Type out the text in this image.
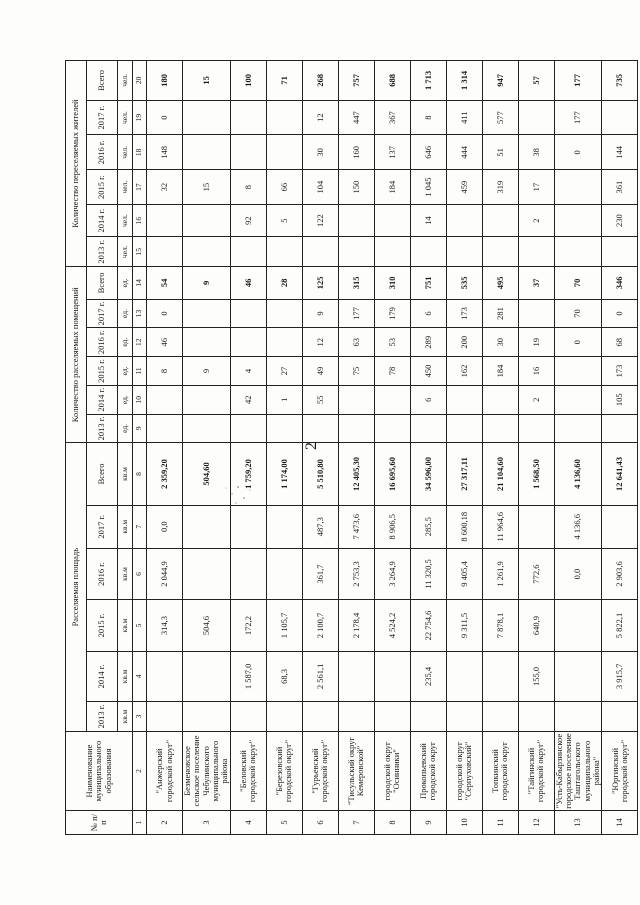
2
№ п/п	Наименование муниципального образования	Расселяемая площадь						Количество расселяемых помещений						Количество переселяемых жителей					
		2013 г.	2014 г.	2015 г.	2016 г.	2017 г.	Всего	2013 г.	2014 г.	2015 г.	2016 г.	2017 г.	Всего	2013 г.	2014 г.	2015 г.	2016 г.	2017 г.	Всего
		кв.м	кв.м	кв.м	кв.м	кв.м	кв.м	ед.	ед.	ед.	ед.	ед.	ед.	чел.	чел.	чел.	чел.	чел.	чел.
1	2	3	4	5	6	7	8	9	10	11	12	13	14	15	16	17	18	19	20
2	"Анжерский городской округ"			314,3	2 044,9	0,0	2 359,20			8	46	0	54			32	148	0	180
3	Безменовское сельское поселение Чебулинского муниципального района			504,6			504,60			9			9			15			15
4	"Беловский городской округ"		1 587,0	172,2			1 759,20		42	4			46		92	8			100
5	"Березовский городской округ"		68,3	1 105,7			1 174,00		1	27			28		5	66			71
6	"Гурьевский городской округ"		2 561,1	2 100,7	361,7	487,3	5 510,80		55	49	12	9	125		122	104	30	12	268
7	"Тисульский округ Кемеровской"			2 178,4	2 753,3	7 473,6	12 405,30			75	63	177	315			150	160	447	757
8	городской округ "Осинники"			4 524,2	3 264,9	8 906,5	16 695,60			78	53	179	310			184	137	367	688
9	Прокопьевский городской округ		235,4	22 754,6	11 320,5	285,5	34 596,00		6	450	289	6	751		14	1 045	646	8	1 713
10	городской округ "Серпуховский"			9 311,5	9 405,4	8 600,18	27 317,11			162	200	173	535			459	444	411	1 314
11	Топкинский городской округ			7 878,1	1 261,9	11 964,6	21 104,60			184	30	281	495			319	51	577	947
12	"Тайгинский городской округ"		155,0	640,9	772,6		1 568,50		2	16	19		37		2	17	38		57
13	"Усть-Кабырзинское городское поселение Таштагольского муниципального района"				0,0	4 136,6	4 136,60				0	70	70				0	177	177
14	"Юргинский городской округ"		3 915,7	5 822,1	2 903,6		12 641,43		105	173	68	0	346		230	361	144		735
